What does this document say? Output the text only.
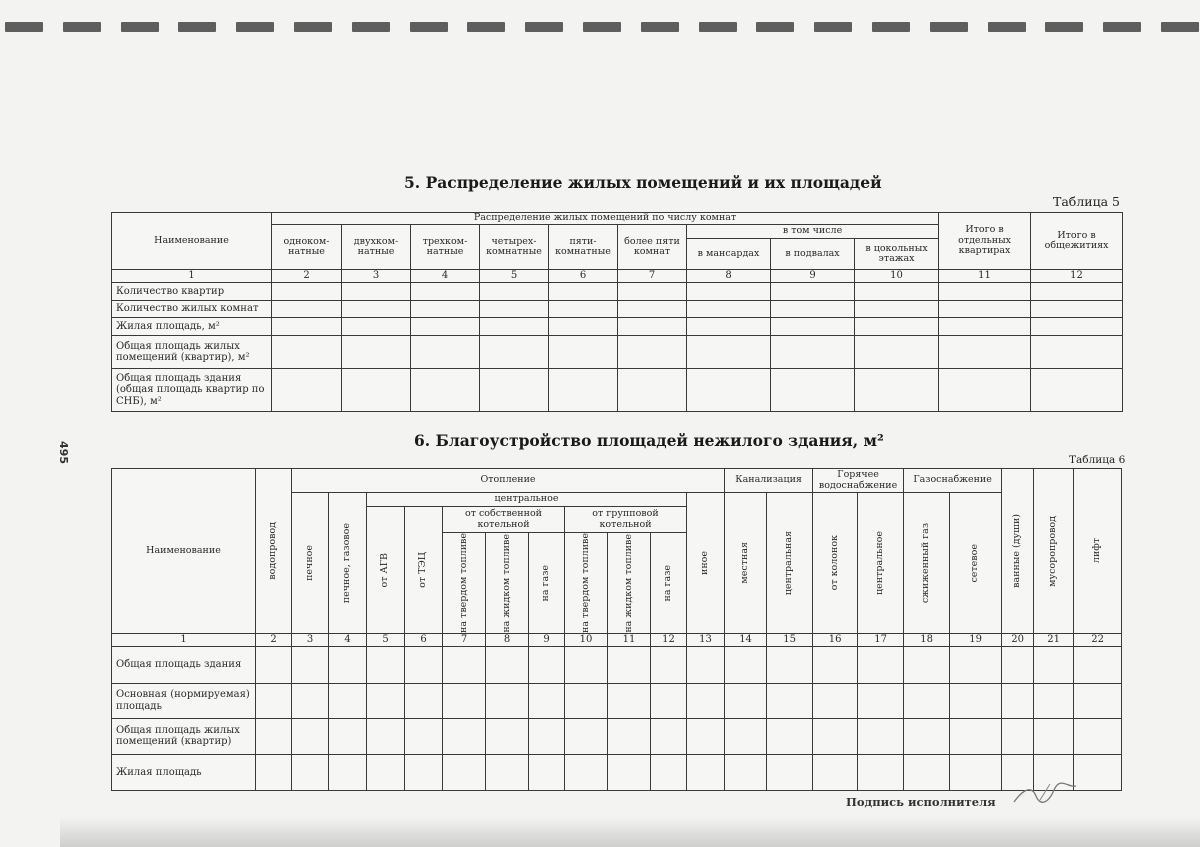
495
5. Распределение жилых помещений и их площадей
Таблица 5
Наименование	Распределение жилых помещений по числу комнат									Итого в отдельных квартирах	Итого в общежитиях
	однокомнатные	двухкомнатные	трехкомнатные	четырех-комнатные	пяти-комнатные	более пяти комнат	в том числе				
							в мансардах	в подвалах	в цокольных этажах		
1	2	3	4	5	6	7	8	9	10	11	12
Количество квартир											
Количество жилых комнат											
Жилая площадь, м²											
Общая площадь жилых помещений (квартир), м²											
Общая площадь здания (общая площадь квартир по СНБ), м²											
6. Благоустройство площадей нежилого здания, м²
Таблица 6
Наименование	водопровод	Отопление											Канализация		Горячее водоснабжение		Газоснабжение		ванные (души)	мусоропровод	лифт

		печное	печное, газовое	центральное								иное	местная	центральная	от колонок	центральное	сжиженный газ	сетевое			

				от АГВ	от ТЭЦ	от собственной котельной			от групповой котельной												

						на твердом топливе	на жидком топливе	на газе	на твердом топливе	на жидком топливе	на газе										

1	2	3	4	5	6	7	8	9	10	11	12	13	14	15	16	17	18	19	20	21	22
Общая площадь здания																					
Основная (нормируемая) площадь																					
Общая площадь жилых помещений (квартир)																					
Жилая площадь																					
Подпись исполнителя
